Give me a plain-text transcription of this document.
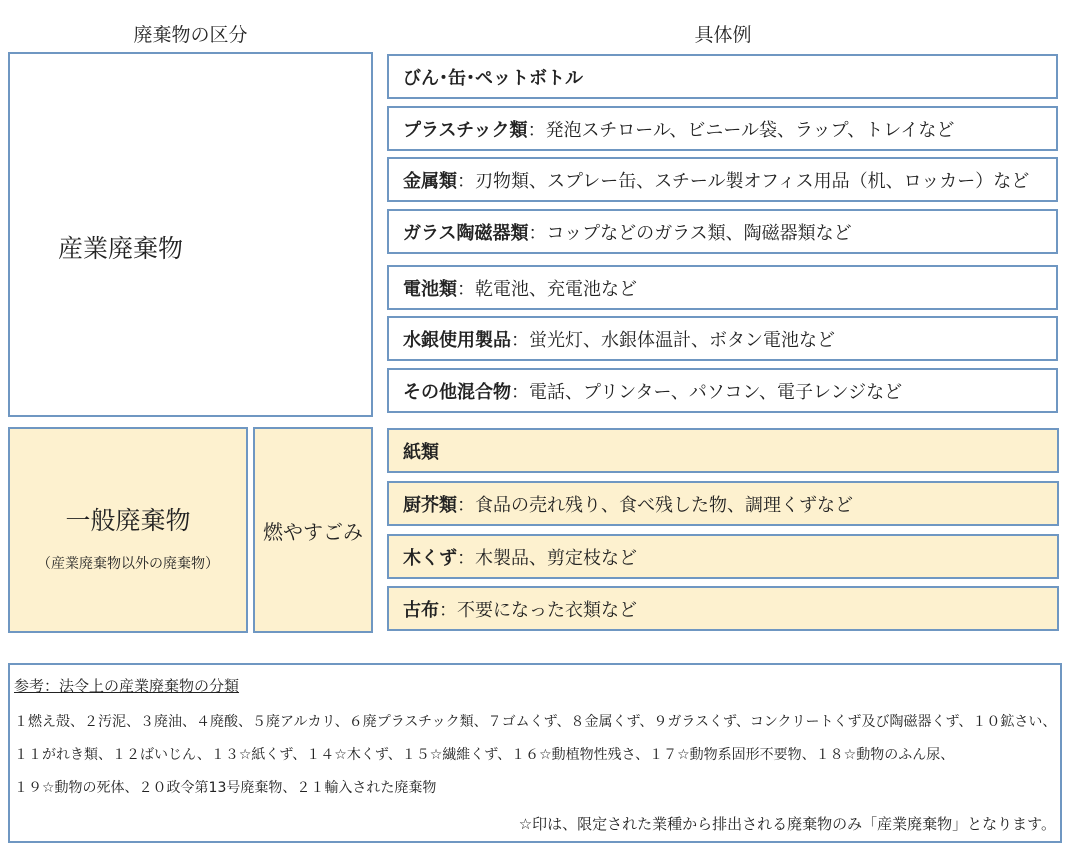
廃棄物の区分	具体例
産業廃棄物
びん･缶･ペットボトル
プラスチック類 ： 発泡スチロール、ビニール袋、ラップ、トレイなど
金属類 ： 刃物類、スプレー缶、スチール製オフィス用品（机、ロッカー）など
ガラス陶磁器類 ： コップなどのガラス類、陶磁器類など
電池類 ： 乾電池、充電池など
水銀使用製品 ： 蛍光灯、水銀体温計、ボタン電池など
その他混合物 ： 電話、プリンター、パソコン、電子レンジなど
一般廃棄物
（産業廃棄物以外の廃棄物）
燃やすごみ
紙類
厨芥類 ： 食品の売れ残り、食べ残した物、調理くずなど
木くず ： 木製品、剪定枝など
古布 ： 不要になった衣類など
参考：法令上の産業廃棄物の分類
１燃え殻、２汚泥、３廃油、４廃酸、５廃アルカリ、６廃プラスチック類、７ゴムくず、８金属くず、９ガラスくず、コンクリートくず及び陶磁器くず、１０鉱さい、
１１がれき類、１２ばいじん、１３☆紙くず、１４☆木くず、１５☆繊維くず、１６☆動植物性残さ、１７☆動物系固形不要物、１８☆動物のふん尿、
１９☆動物の死体、２０政令第13号廃棄物、２１輸入された廃棄物
☆印は、限定された業種から排出される廃棄物のみ「産業廃棄物」となります。
